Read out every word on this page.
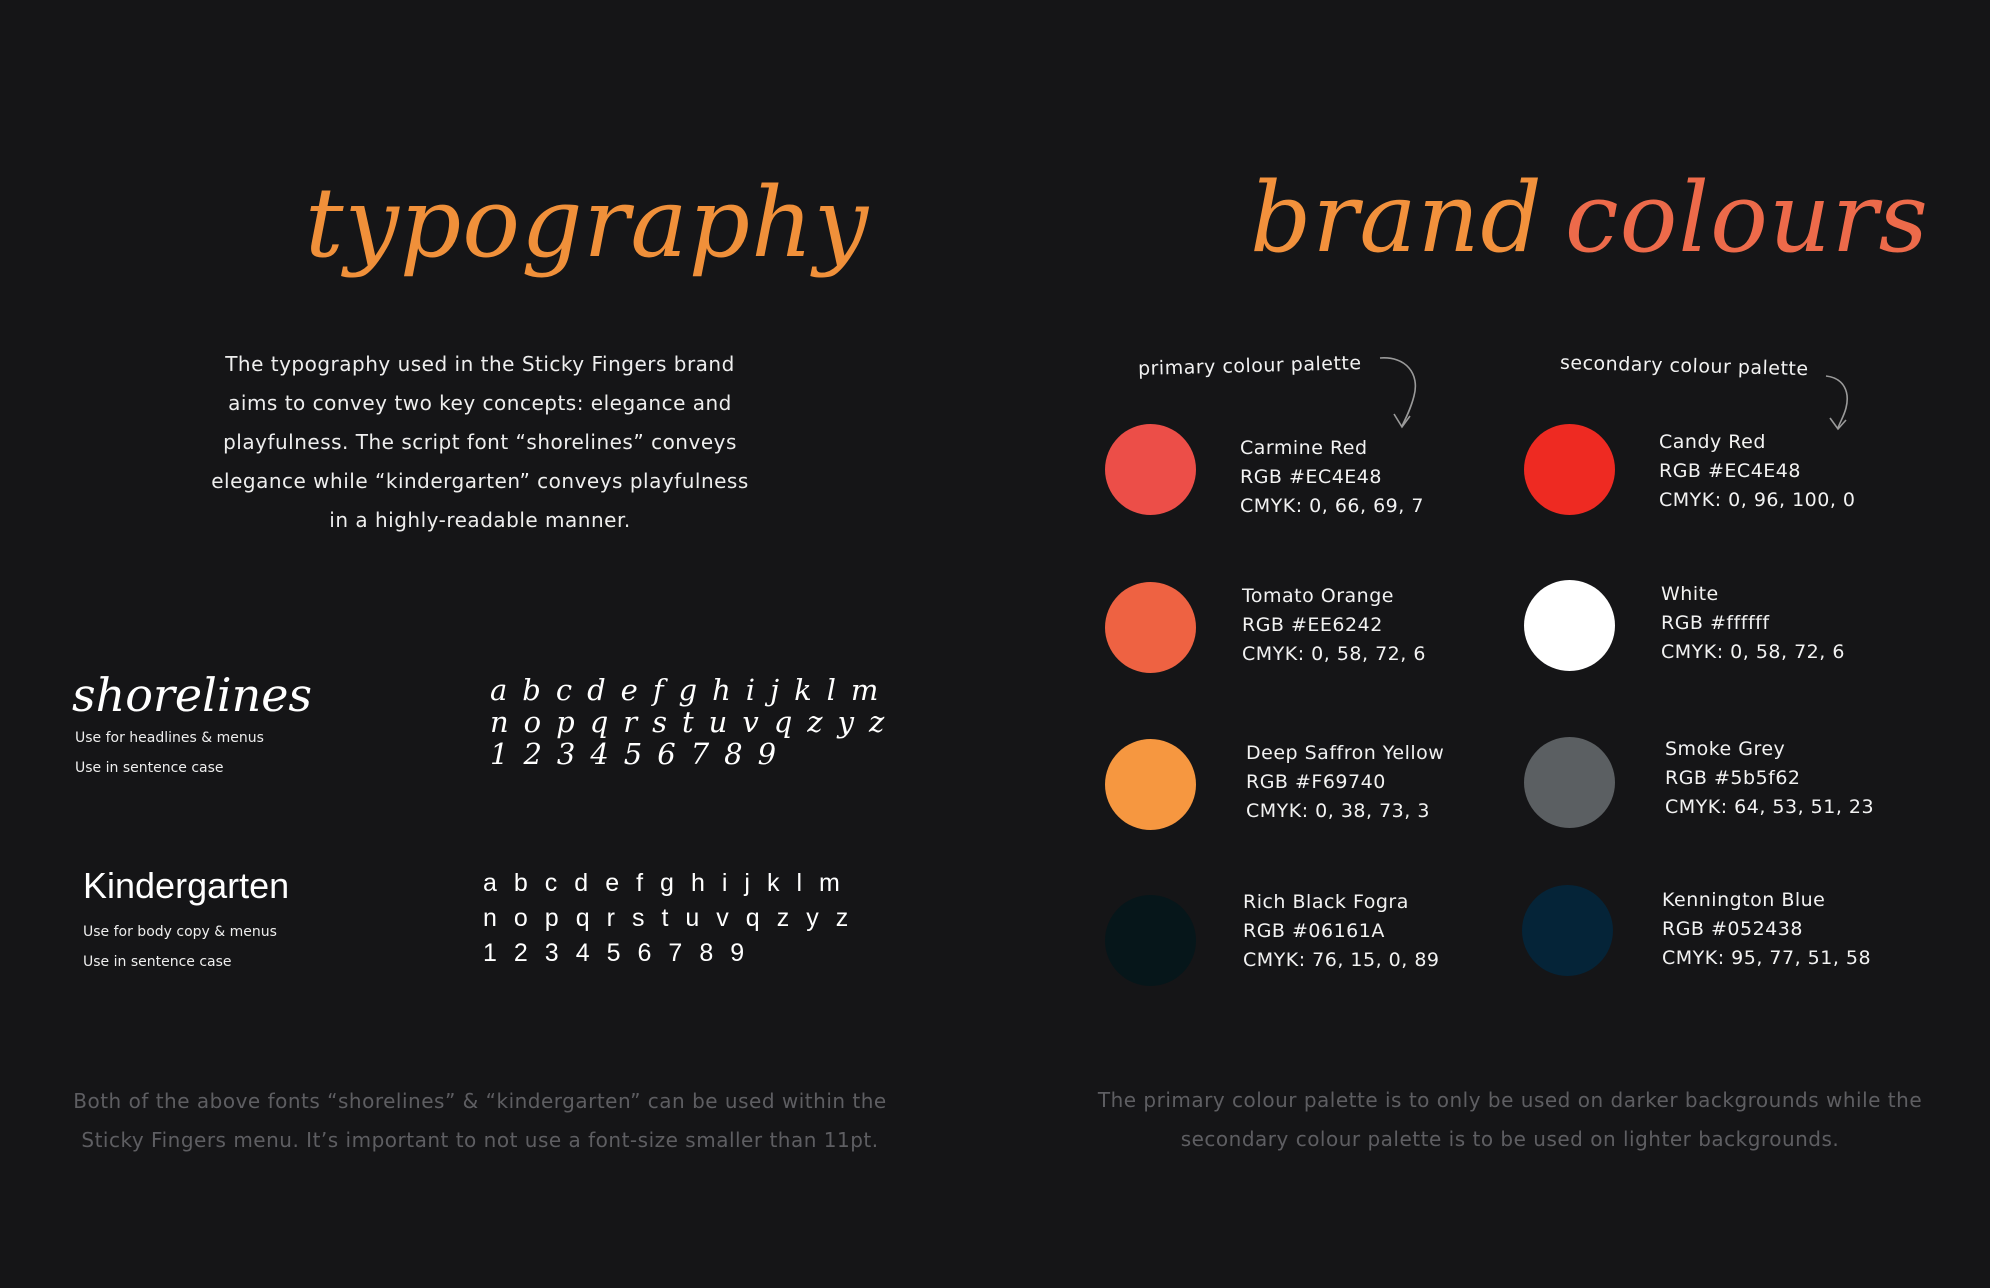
typography
The typography used in the Sticky Fingers brand aims to convey two key concepts: elegance and playfulness. The script font “shorelines” conveys elegance while “kindergarten” conveys playfulness in a highly-readable manner.
shorelines
Use for headlines & menus
Use in sentence case
abcdefghijklm
nopqrstuvqzyz
123456789
Kindergarten
Use for body copy & menus
Use in sentence case
abcdefghijklm
nopqrstuvqzyz
123456789
Both of the above fonts “shorelines” & “kindergarten” can be used within the Sticky Fingers menu. It’s important to not use a font-size smaller than 11pt.
brand colours
primary colour palette	secondary colour palette
Carmine Red
RGB #EC4E48
CMYK: 0, 66, 69, 7
Tomato Orange
RGB #EE6242
CMYK: 0, 58, 72, 6
Deep Saffron Yellow
RGB #F69740
CMYK: 0, 38, 73, 3
Rich Black Fogra
RGB #06161A
CMYK: 76, 15, 0, 89
Candy Red
RGB #EC4E48
CMYK: 0, 96, 100, 0
White
RGB #ffffff
CMYK: 0, 58, 72, 6
Smoke Grey
RGB #5b5f62
CMYK: 64, 53, 51, 23
Kennington Blue
RGB #052438
CMYK: 95, 77, 51, 58
The primary colour palette is to only be used on darker backgrounds while the secondary colour palette is to be used on lighter backgrounds.
